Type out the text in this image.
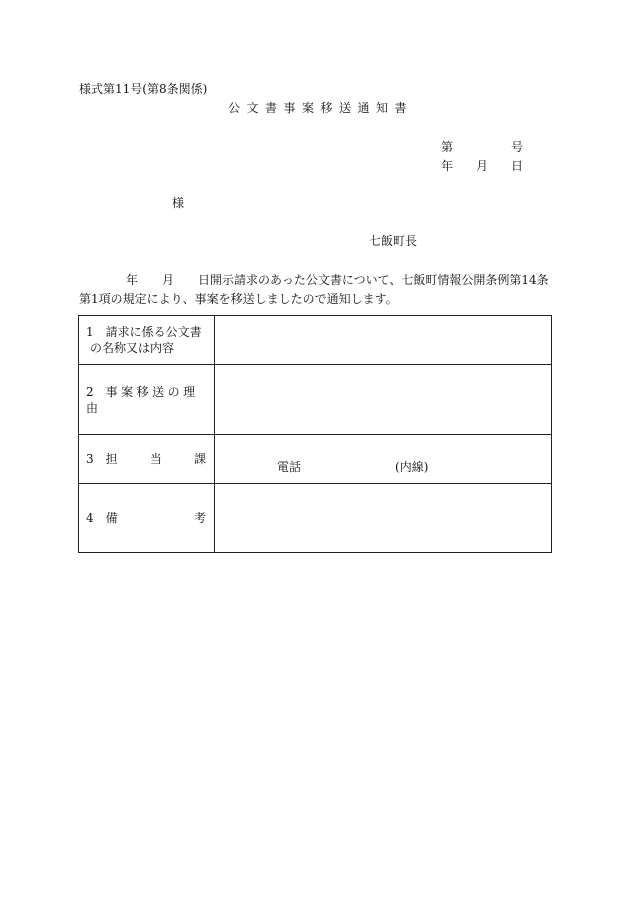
様式第11号(第8条関係)
公文書事案移送通知書
第	号
年 月 日
様
七飯町長
年　　月　　日開示請求のあった公文書について、七飯町情報公開条例第14条第1項の規定により、事案を移送しましたので通知します。
1　 請求に係る公文書
の名称又は内容	

2　 事案移送の理由	

3　 担 当 課	電話 (内線)

4　 備 考	
